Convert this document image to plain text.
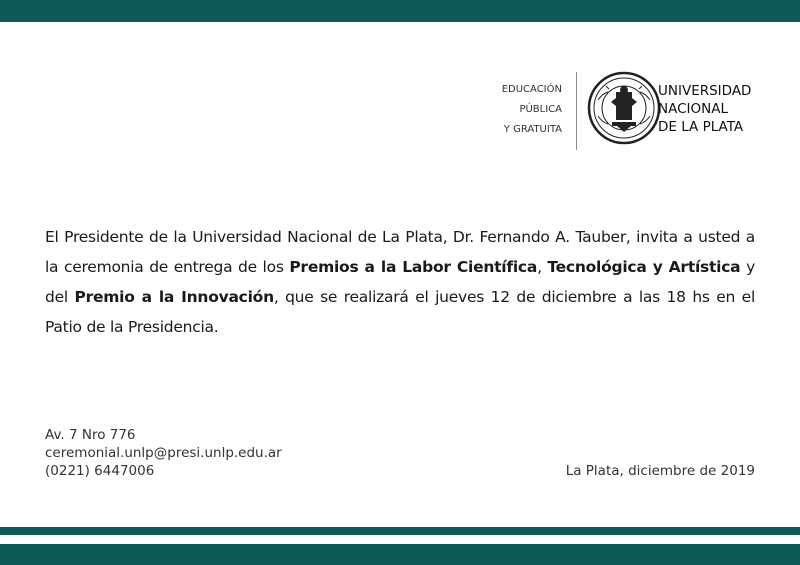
EDUCACIÓN
PÚBLICA
Y GRATUITA
UNIVERSIDAD
NACIONAL
DE LA PLATA
El Presidente de la Universidad Nacional de La Plata, Dr. Fernando A. Tauber, invita a usted a la ceremonia de entrega de los Premios a la Labor Científica, Tecnológica y Artística y del Premio a la Innovación, que se realizará el jueves 12 de diciembre a las 18 hs en el Patio de la Presidencia.
Av. 7 Nro 776
ceremonial.unlp@presi.unlp.edu.ar
(0221) 6447006	La Plata, diciembre de 2019
